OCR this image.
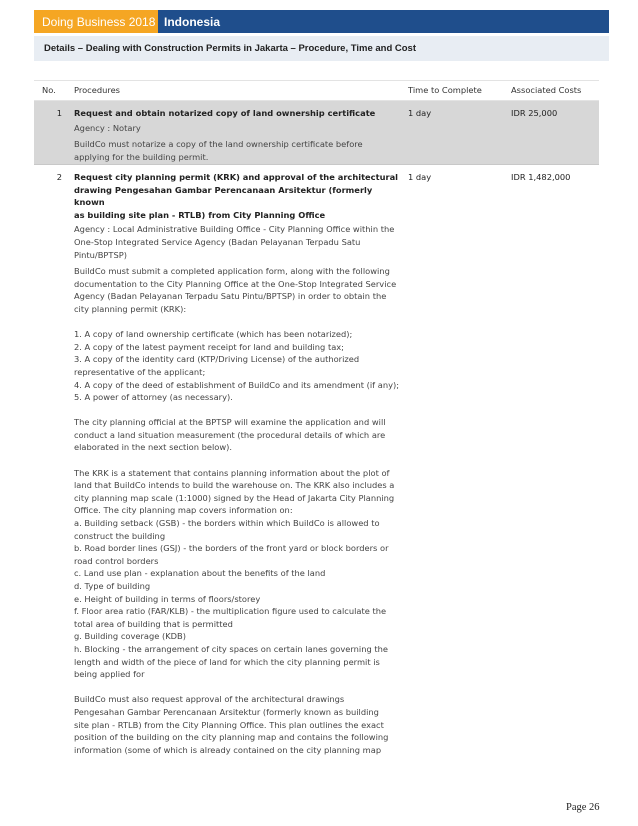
Doing Business 2018 Indonesia
Details – Dealing with Construction Permits in Jakarta – Procedure, Time and Cost
No.	Procedures	Time to Complete	Associated Costs
1	Request and obtain notarized copy of land ownership certificate
Agency : Notary
BuildCo must notarize a copy of the land ownership certificate before
applying for the building permit.
1 day	IDR 25,000
2	Request city planning permit (KRK) and approval of the architectural
drawing Pengesahan Gambar Perencanaan Arsitektur (formerly known
as building site plan - RTLB) from City Planning Office
Agency : Local Administrative Building Office - City Planning Office within the
One-Stop Integrated Service Agency (Badan Pelayanan Terpadu Satu
Pintu/BPTSP)
BuildCo must submit a completed application form, along with the following
documentation to the City Planning Office at the One-Stop Integrated Service
Agency (Badan Pelayanan Terpadu Satu Pintu/BPTSP) in order to obtain the
city planning permit (KRK):

1. A copy of land ownership certificate (which has been notarized);
2. A copy of the latest payment receipt for land and building tax;
3. A copy of the identity card (KTP/Driving License) of the authorized
representative of the applicant;
4. A copy of the deed of establishment of BuildCo and its amendment (if any);
5. A power of attorney (as necessary).

The city planning official at the BPTSP will examine the application and will
conduct a land situation measurement (the procedural details of which are
elaborated in the next section below).

The KRK is a statement that contains planning information about the plot of
land that BuildCo intends to build the warehouse on. The KRK also includes a
city planning map scale (1:1000) signed by the Head of Jakarta City Planning
Office. The city planning map covers information on:
a. Building setback (GSB) - the borders within which BuildCo is allowed to
construct the building
b. Road border lines (GSJ) - the borders of the front yard or block borders or
road control borders
c. Land use plan - explanation about the benefits of the land
d. Type of building
e. Height of building in terms of floors/storey
f. Floor area ratio (FAR/KLB) - the multiplication figure used to calculate the
total area of building that is permitted
g. Building coverage (KDB)
h. Blocking - the arrangement of city spaces on certain lanes governing the
length and width of the piece of land for which the city planning permit is
being applied for

BuildCo must also request approval of the architectural drawings
Pengesahan Gambar Perencanaan Arsitektur (formerly known as building
site plan - RTLB) from the City Planning Office. This plan outlines the exact
position of the building on the city planning map and contains the following
information (some of which is already contained on the city planning map
1 day	IDR 1,482,000
Page 26
